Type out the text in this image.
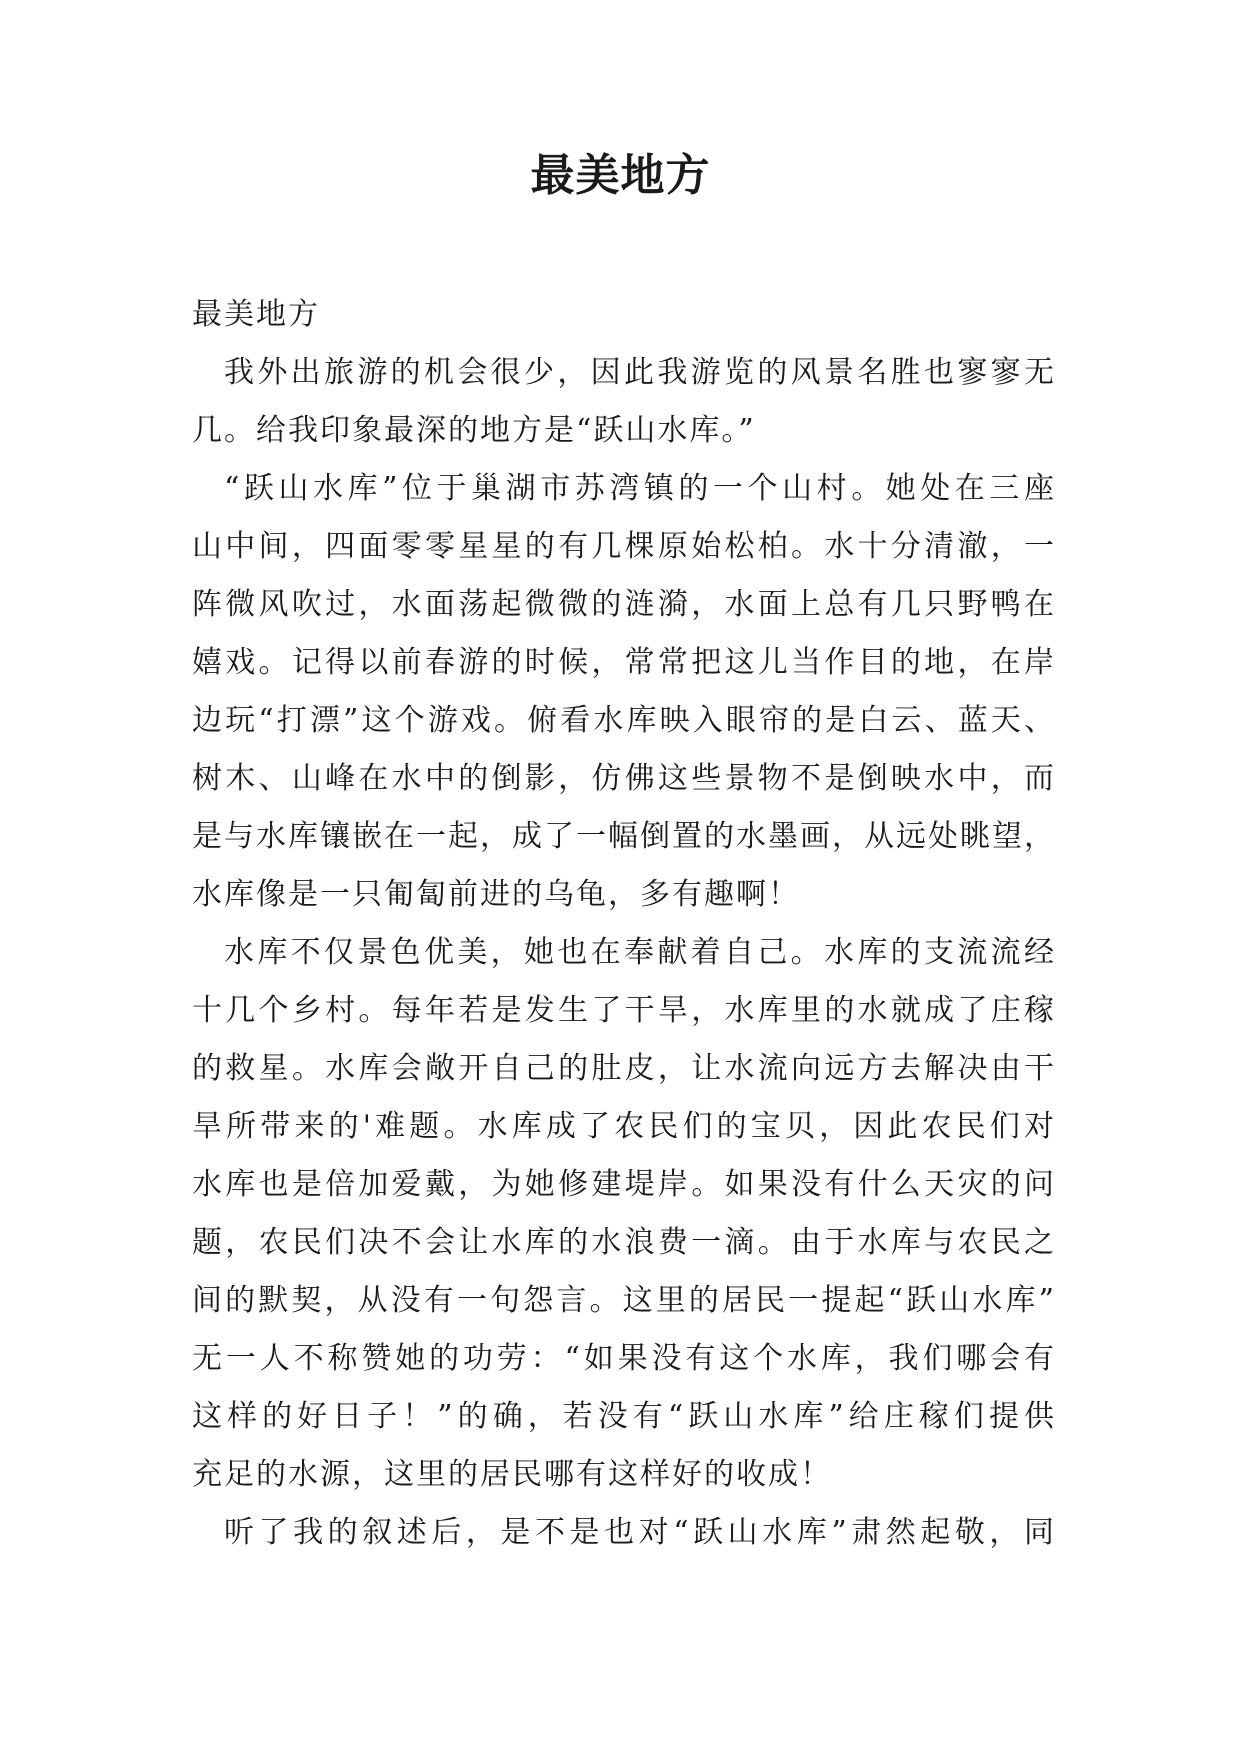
最美地方
最美地方
我外出旅游的机会很少，因此我游览的风景名胜也寥寥无
几。给我印象最深的地方是“跃山水库。”
“跃山水库”位于巢湖市苏湾镇的一个山村。她处在三座
山中间，四面零零星星的有几棵原始松柏。水十分清澈，一
阵微风吹过，水面荡起微微的涟漪，水面上总有几只野鸭在
嬉戏。记得以前春游的时候，常常把这儿当作目的地，在岸
边玩“打漂”这个游戏。俯看水库映入眼帘的是白云、蓝天、
树木、山峰在水中的倒影，仿佛这些景物不是倒映水中，而
是与水库镶嵌在一起，成了一幅倒置的水墨画，从远处眺望，
水库像是一只匍匐前进的乌龟，多有趣啊！
水库不仅景色优美，她也在奉献着自己。水库的支流流经
十几个乡村。每年若是发生了干旱，水库里的水就成了庄稼
的救星。水库会敞开自己的肚皮，让水流向远方去解决由干
旱所带来的'难题。水库成了农民们的宝贝，因此农民们对
水库也是倍加爱戴，为她修建堤岸。如果没有什么天灾的问
题，农民们决不会让水库的水浪费一滴。由于水库与农民之
间的默契，从没有一句怨言。这里的居民一提起“跃山水库”
无一人不称赞她的功劳：“如果没有这个水库，我们哪会有
这样的好日子！”的确，若没有“跃山水库”给庄稼们提供
充足的水源，这里的居民哪有这样好的收成！
听了我的叙述后，是不是也对“跃山水库”肃然起敬，同
